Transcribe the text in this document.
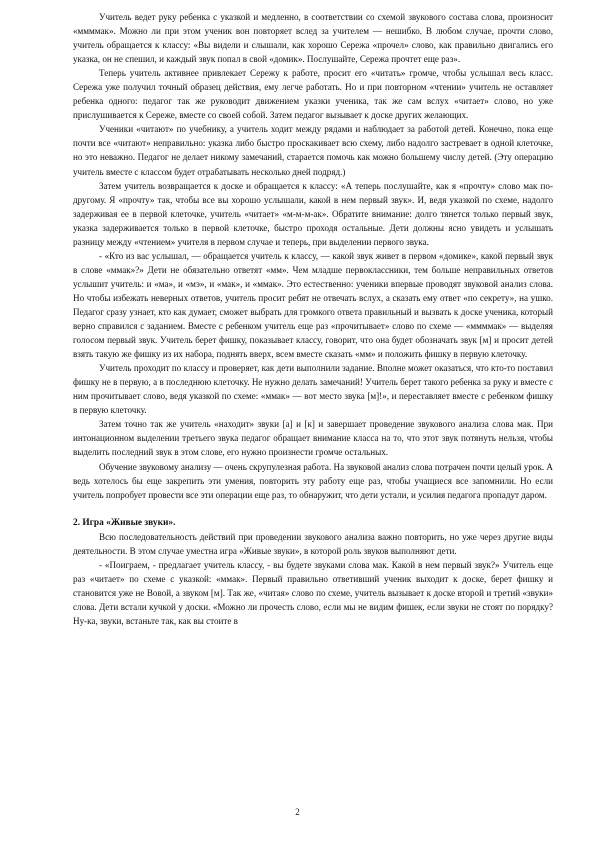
Учитель ведет руку ребенка с указкой и медленно, в соответствии со схемой звукового состава слова, произносит «ммммак». Можно ли при этом ученик вон повторяет вслед за учителем — нешибко. В любом случае, прочти слово, учитель обращается к классу: «Вы видели и слышали, как хорошо Сережа «прочел» слово, как правильно двигались его указка, он не спешил, и каждый звук попал в свой «домик». Послушайте, Сережа прочтет еще раз».

Теперь учитель активнее привлекает Сережу к работе, просит его «читать» громче, чтобы услышал весь класс. Сережа уже получил точный образец действия, ему легче работать. Но и при повторном «чтении» учитель не оставляет ребенка одного: педагог так же руководит движением указки ученика, так же сам вслух «читает» слово, но уже прислушивается к Сереже, вместе со своей собой. Затем педагог вызывает к доске других желающих.

Ученики «читают» по учебнику, а учитель ходит между рядами и наблюдает за работой детей. Конечно, пока еще почти все «читают» неправильно: указка либо быстро проскакивает всю схему, либо надолго застревает в одной клеточке, но это неважно. Педагог не делает никому замечаний, старается помочь как можно большему числу детей. (Эту операцию учитель вместе с классом будет отрабатывать несколько дней подряд.)

Затем учитель возвращается к доске и обращается к классу: «А теперь послушайте, как я «прочту» слово мак по-другому. Я «прочту» так, чтобы все вы хорошо услышали, какой в нем первый звук». И, ведя указкой по схеме, надолго задерживая ее в первой клеточке, учитель «читает» «м-м-м-ак». Обратите внимание: долго тянется только первый звук, указка задерживается только в первой клеточке, быстро проходя остальные. Дети должны ясно увидеть и услышать разницу между «чтением» учителя в первом случае и теперь, при выделении первого звука.

- «Кто из вас услышал, — обращается учитель к классу, — какой звук живет в первом «домике», какой первый звук в слове «ммак»?» Дети не обязательно ответят «мм». Чем младше первоклассники, тем больше неправильных ответов услышит учитель: и «ма», и «мэ», и «мак», и «ммак». Это естественно: ученики впервые проводят звуковой анализ слова. Но чтобы избежать неверных ответов, учитель просит ребят не отвечать вслух, а сказать ему ответ «по секрету», на ушко. Педагог сразу узнает, кто как думает, сможет выбрать для громкого ответа правильный и вызвать к доске ученика, который верно справился с заданием. Вместе с ребенком учитель еще раз «прочитывает» слово по схеме — «ммммак» — выделяя голосом первый звук. Учитель берет фишку, показывает классу, говорит, что она будет обозначать звук [м] и просит детей взять такую же фишку из их набора, поднять вверх, всем вместе сказать «мм» и положить фишку в первую клеточку.

Учитель проходит по классу и проверяет, как дети выполнили задание. Вполне может оказаться, что кто-то поставил фишку не в первую, а в последнюю клеточку. Не нужно делать замечаний! Учитель берет такого ребенка за руку и вместе с ним прочитывает слово, ведя указкой по схеме: «ммак» — вот место звука [м]!», и переставляет вместе с ребенком фишку в первую клеточку.

Затем точно так же учитель «находит» звуки [а] и [к] и завершает проведение звукового анализа слова мак. При интонационном выделении третьего звука педагог обращает внимание класса на то, что этот звук потянуть нельзя, чтобы выделить последний звук в этом слове, его нужно произнести громче остальных.

Обучение звуковому анализу — очень скрупулезная работа. На звуковой анализ слова потрачен почти целый урок. А ведь хотелось бы еще закрепить эти умения, повторить эту работу еще раз, чтобы учащиеся все запомнили. Но если учитель попробует провести все эти операции еще раз, то обнаружит, что дети устали, и усилия педагога пропадут даром.

2. Игра «Живые звуки».

Всю последовательность действий при проведении звукового анализа важно повторить, но уже через другие виды деятельности. В этом случае уместна игра «Живые звуки», в которой роль звуков выполняют дети.

- «Поиграем, - предлагает учитель классу, - вы будете звуками слова мак. Какой в нем первый звук?» Учитель еще раз «читает» по схеме с указкой: «ммак». Первый правильно ответивший ученик выходит к доске, берет фишку и становится уже не Вовой, а звуком [м]. Так же, «читая» слово по схеме, учитель вызывает к доске второй и третий «звуки» слова. Дети встали кучкой у доски. «Можно ли прочесть слово, если мы не видим фишек, если звуки не стоят по порядку? Ну-ка, звуки, встаньте так, как вы стоите в

2
